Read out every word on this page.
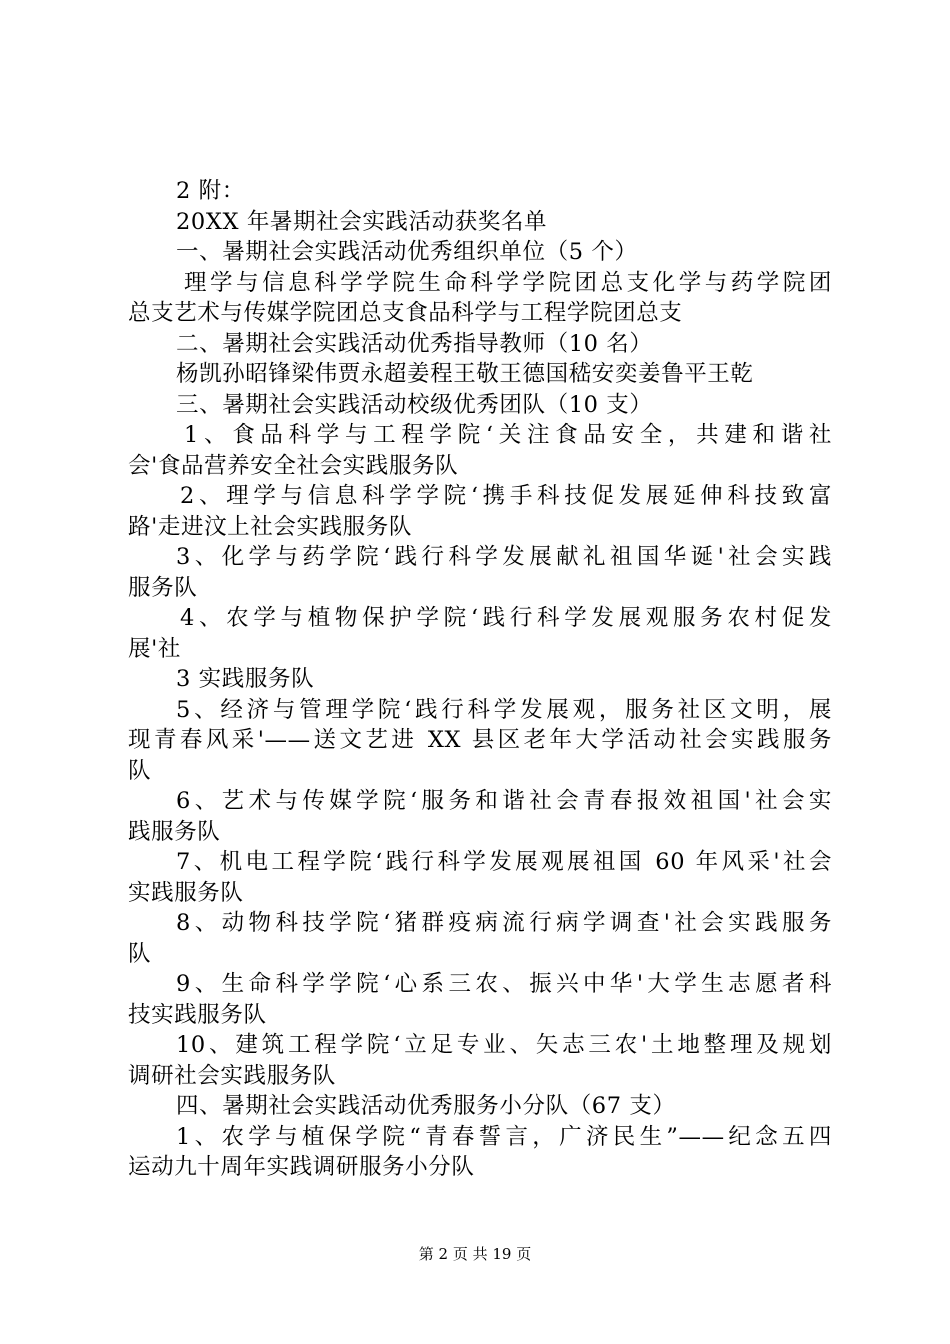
2 附：
20XX 年暑期社会实践活动获奖名单
一、暑期社会实践活动优秀组织单位（5 个）
理学与信息科学学院生命科学学院团总支化学与药学院团
总支艺术与传媒学院团总支食品科学与工程学院团总支
二、暑期社会实践活动优秀指导教师（10 名）
杨凯孙昭锋梁伟贾永超姜程王敬王德国嵇安奕姜鲁平王乾
三、暑期社会实践活动校级优秀团队（10 支）
1、食品科学与工程学院‘关注食品安全，共建和谐社
会'食品营养安全社会实践服务队
2、理学与信息科学学院‘携手科技促发展延伸科技致富
路'走进汶上社会实践服务队
3、化学与药学院‘践行科学发展献礼祖国华诞'社会实践
服务队
4、农学与植物保护学院‘践行科学发展观服务农村促发
展'社
3 实践服务队
5、经济与管理学院‘践行科学发展观，服务社区文明，展
现青春风采'——送文艺进 XX 县区老年大学活动社会实践服务
队
6、艺术与传媒学院‘服务和谐社会青春报效祖国'社会实
践服务队
7、机电工程学院‘践行科学发展观展祖国 60 年风采'社会
实践服务队
8、动物科技学院‘猪群疫病流行病学调查'社会实践服务
队
9、生命科学学院‘心系三农、振兴中华'大学生志愿者科
技实践服务队
10、建筑工程学院‘立足专业、矢志三农'土地整理及规划
调研社会实践服务队
四、暑期社会实践活动优秀服务小分队（67 支）
1、农学与植保学院“青春誓言，广济民生”——纪念五四
运动九十周年实践调研服务小分队
第 2 页 共 19 页
